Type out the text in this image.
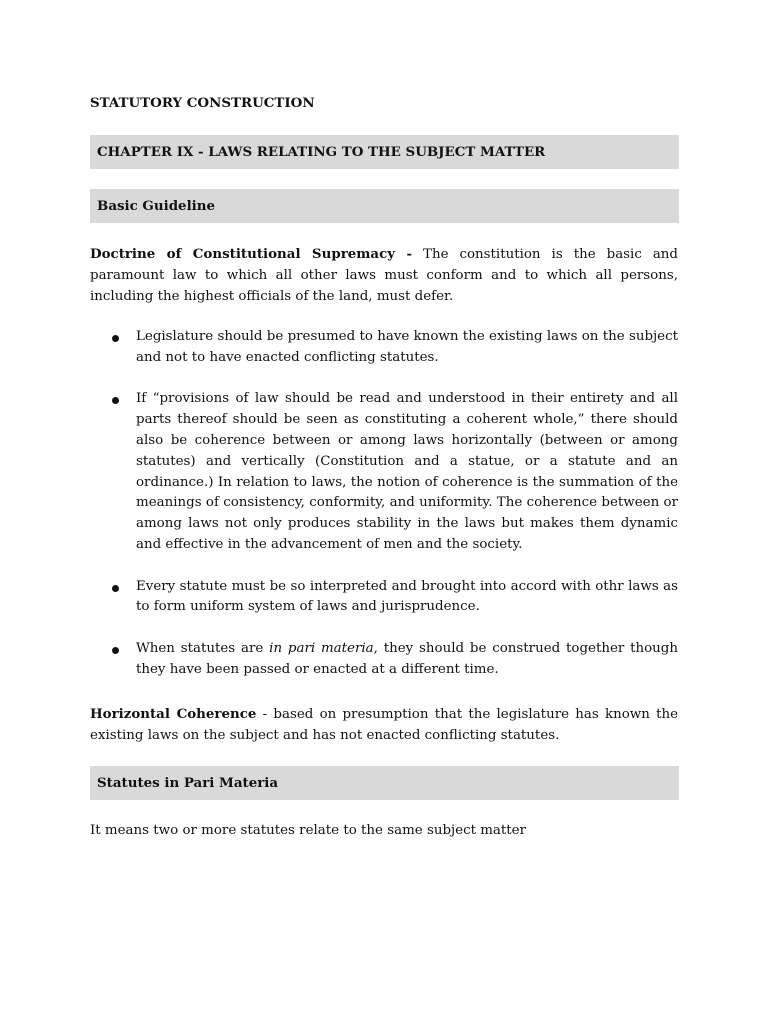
STATUTORY CONSTRUCTION
CHAPTER IX - LAWS RELATING TO THE SUBJECT MATTER
Basic Guideline
Doctrine of Constitutional Supremacy - The constitution is the basic and paramount law to which all other laws must conform and to which all persons, including the highest officials of the land, must defer.
Legislature should be presumed to have known the existing laws on the subject and not to have enacted conflicting statutes.
If “provisions of law should be read and understood in their entirety and all parts thereof should be seen as constituting a coherent whole,” there should also be coherence between or among laws horizontally (between or among statutes) and vertically (Constitution and a statue, or a statute and an ordinance.) In relation to laws, the notion of coherence is the summation of the meanings of consistency, conformity, and uniformity. The coherence between or among laws not only produces stability in the laws but makes them dynamic and effective in the advancement of men and the society.
Every statute must be so interpreted and brought into accord with othr laws as to form uniform system of laws and jurisprudence.
When statutes are in pari materia, they should be construed together though they have been passed or enacted at a different time.
Horizontal Coherence - based on presumption that the legislature has known the existing laws on the subject and has not enacted conflicting statutes.
Statutes in Pari Materia
It means two or more statutes relate to the same subject matter
